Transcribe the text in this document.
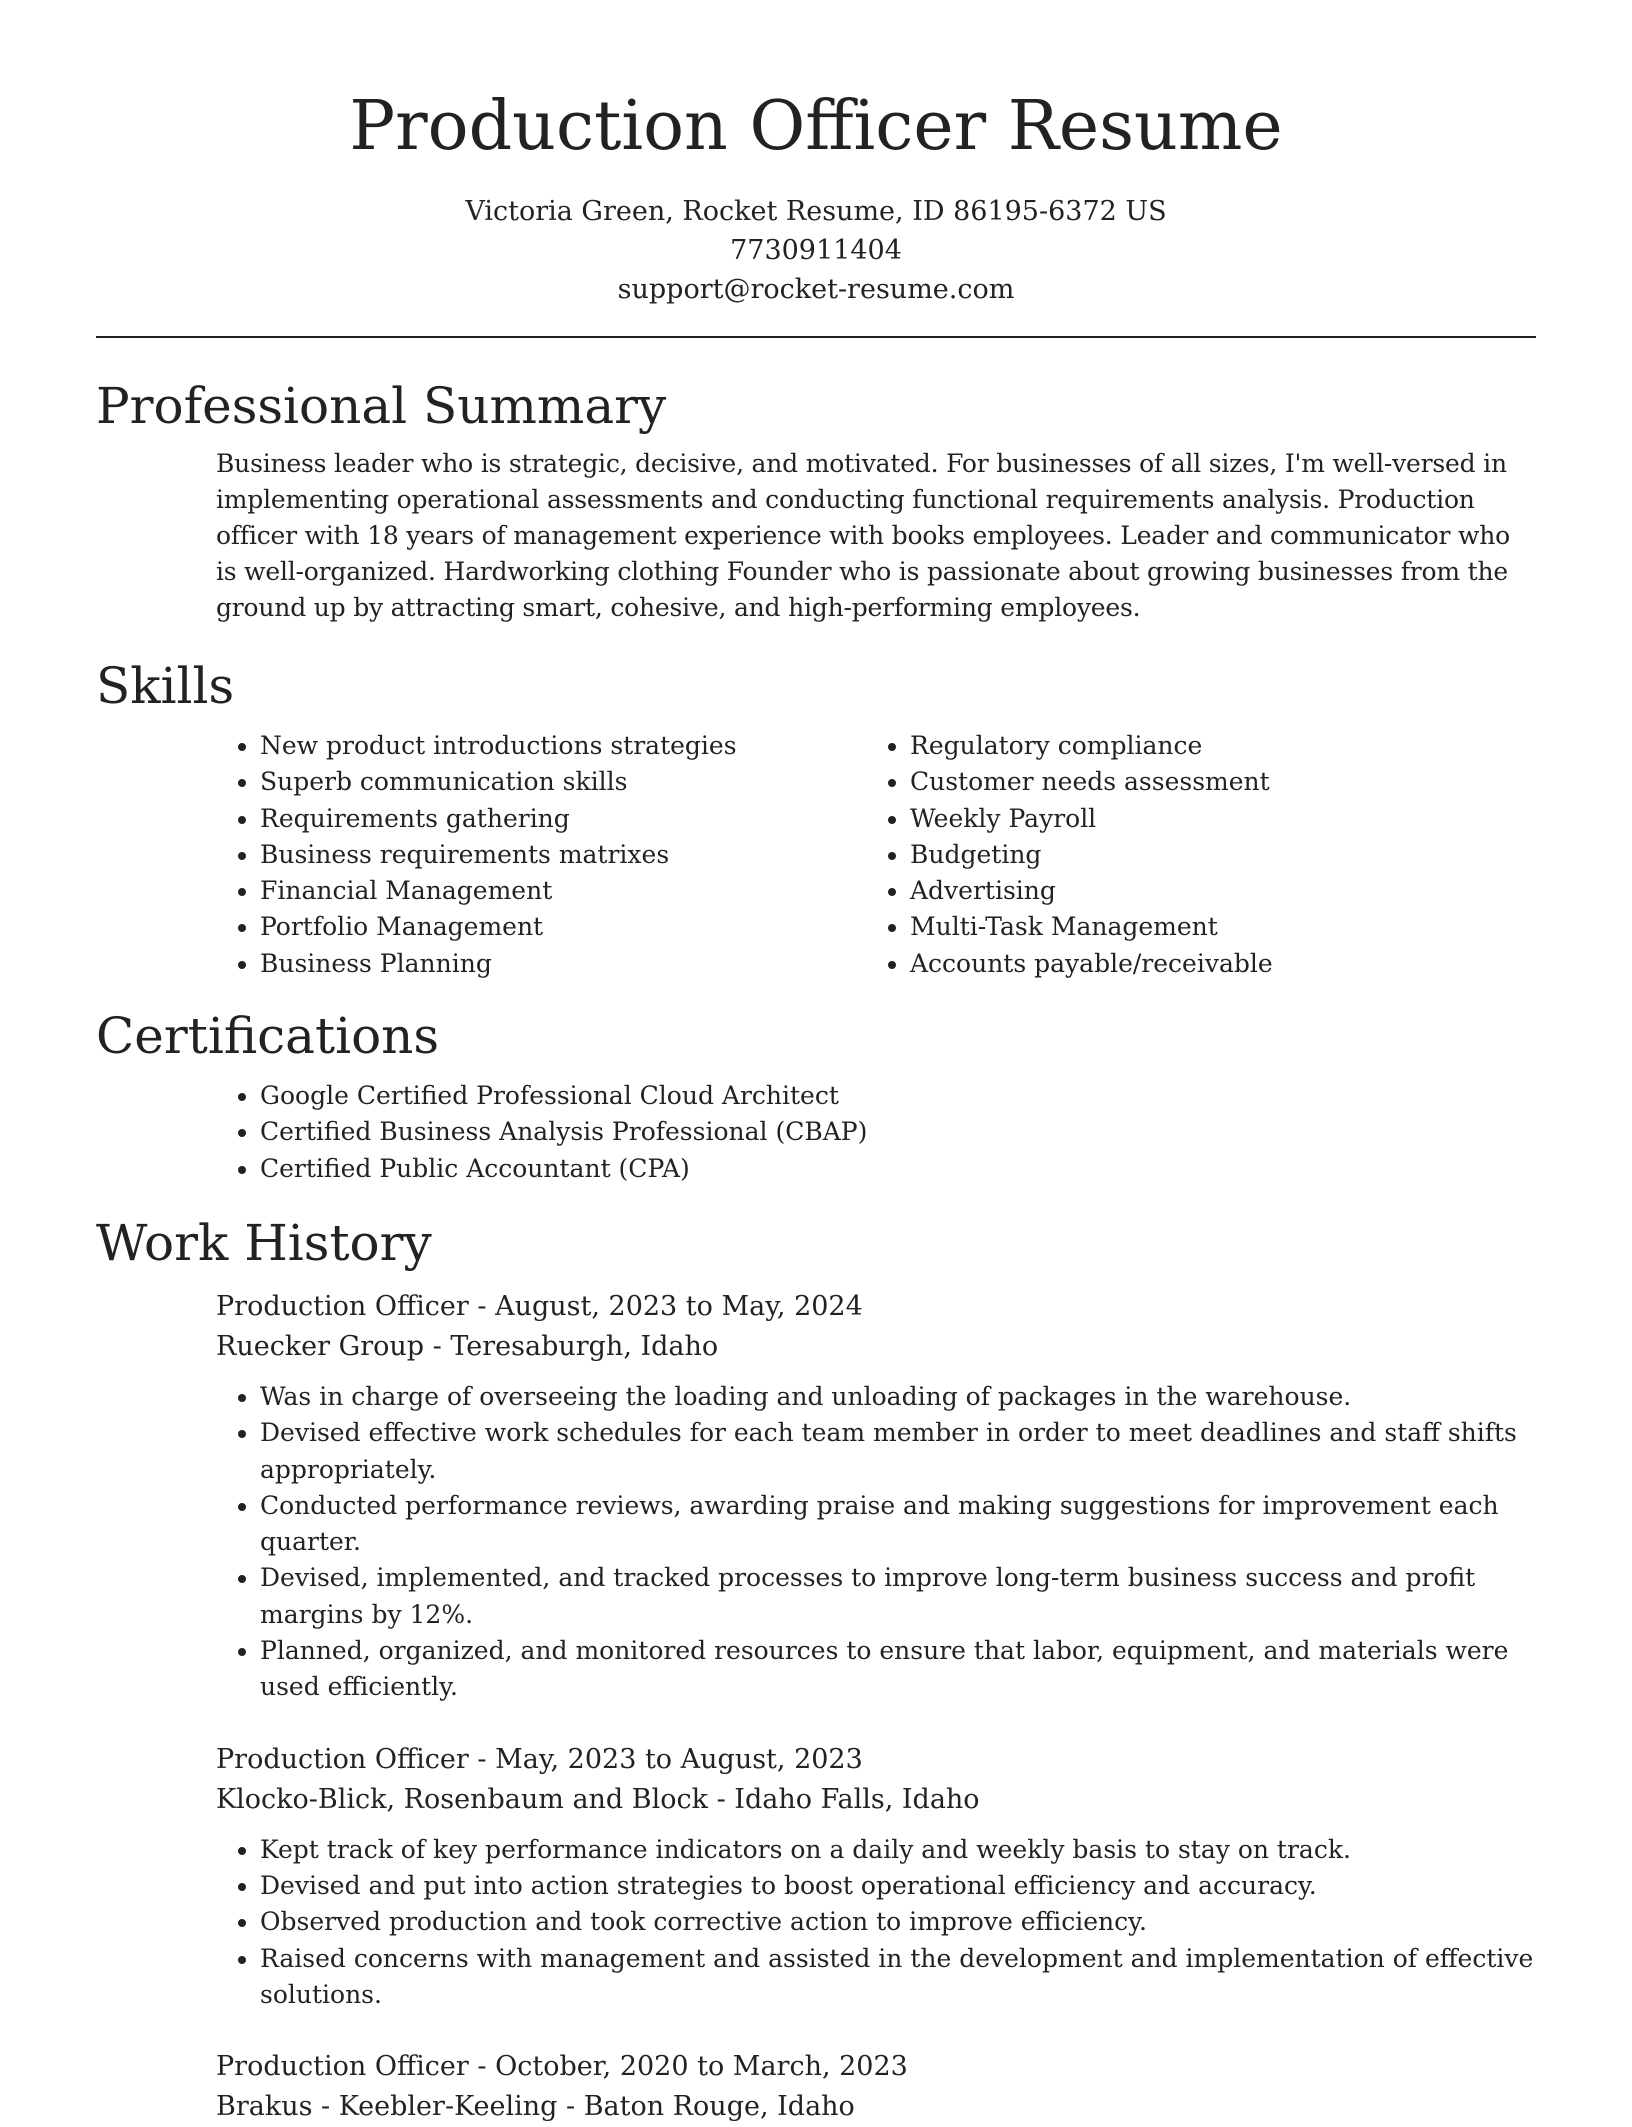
Production Officer Resume
Victoria Green, Rocket Resume, ID 86195-6372 US
7730911404
support@rocket-resume.com
Professional Summary

Business leader who is strategic, decisive, and motivated. For businesses of all sizes, I'm well-versed in implementing operational assessments and conducting functional requirements analysis. Production officer with 18 years of management experience with books employees. Leader and communicator who is well-organized. Hardworking clothing Founder who is passionate about growing businesses from the ground up by attracting smart, cohesive, and high-performing employees.

Skills
• New product introductions strategies
• Superb communication skills
• Requirements gathering
• Business requirements matrixes
• Financial Management
• Portfolio Management
• Business Planning
• Regulatory compliance
• Customer needs assessment
• Weekly Payroll
• Budgeting
• Advertising
• Multi-Task Management
• Accounts payable/receivable
Certifications
• Google Certified Professional Cloud Architect
• Certified Business Analysis Professional (CBAP)
• Certified Public Accountant (CPA)
Work History
Production Officer - August, 2023 to May, 2024
Ruecker Group - Teresaburgh, Idaho
• Was in charge of overseeing the loading and unloading of packages in the warehouse.
• Devised effective work schedules for each team member in order to meet deadlines and staff shifts appropriately.
• Conducted performance reviews, awarding praise and making suggestions for improvement each quarter.
• Devised, implemented, and tracked processes to improve long-term business success and profit margins by 12%.
• Planned, organized, and monitored resources to ensure that labor, equipment, and materials were used efficiently.
Production Officer - May, 2023 to August, 2023
Klocko-Blick, Rosenbaum and Block - Idaho Falls, Idaho
• Kept track of key performance indicators on a daily and weekly basis to stay on track.
• Devised and put into action strategies to boost operational efficiency and accuracy.
• Observed production and took corrective action to improve efficiency.
• Raised concerns with management and assisted in the development and implementation of effective solutions.
Production Officer - October, 2020 to March, 2023
Brakus - Keebler-Keeling - Baton Rouge, Idaho
